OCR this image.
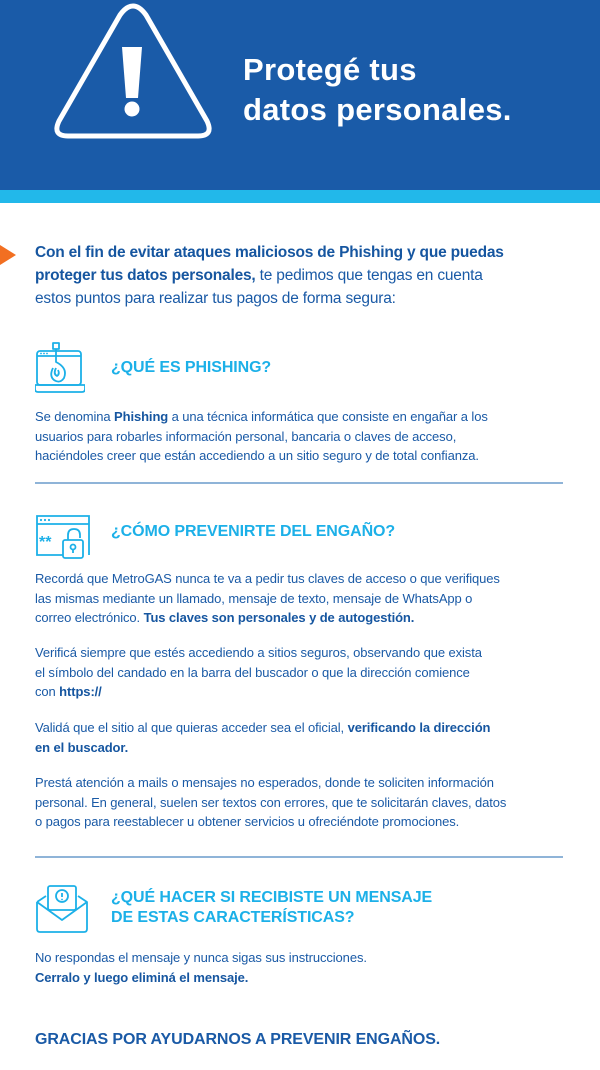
Protegé tus
datos personales.
Con el fin de evitar ataques maliciosos de Phishing y que puedas
proteger tus datos personales, te pedimos que tengas en cuenta
estos puntos para realizar tus pagos de forma segura:
¿QUÉ ES PHISHING?
Se denomina Phishing a una técnica informática que consiste en engañar a los
usuarios para robarles información personal, bancaria o claves de acceso,
haciéndoles creer que están accediendo a un sitio seguro y de total confianza.
**
¿CÓMO PREVENIRTE DEL ENGAÑO?
Recordá que MetroGAS nunca te va a pedir tus claves de acceso o que verifiques
las mismas mediante un llamado, mensaje de texto, mensaje de WhatsApp o
correo electrónico. Tus claves son personales y de autogestión.
Verificá siempre que estés accediendo a sitios seguros, observando que exista
el símbolo del candado en la barra del buscador o que la dirección comience
con https://
Validá que el sitio al que quieras acceder sea el oficial, verificando la dirección
en el buscador.
Prestá atención a mails o mensajes no esperados, donde te soliciten información
personal. En general, suelen ser textos con errores, que te solicitarán claves, datos
o pagos para reestablecer u obtener servicios u ofreciéndote promociones.
¿QUÉ HACER SI RECIBISTE UN MENSAJE
DE ESTAS CARACTERÍSTICAS?
No respondas el mensaje y nunca sigas sus instrucciones.
Cerralo y luego eliminá el mensaje.
GRACIAS POR AYUDARNOS A PREVENIR ENGAÑOS.
